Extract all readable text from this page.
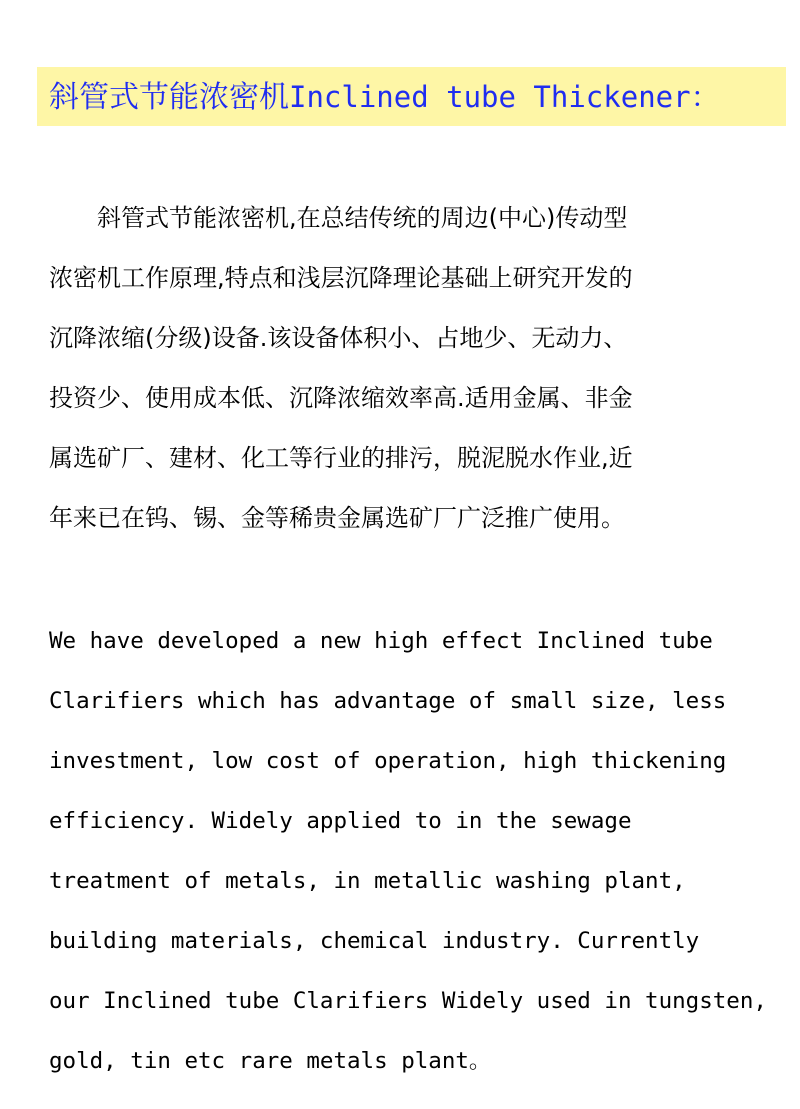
斜管式节能浓密机Inclined tube Thickener：
　　斜管式节能浓密机,在总结传统的周边(中心)传动型
浓密机工作原理,特点和浅层沉降理论基础上研究开发的
沉降浓缩(分级)设备.该设备体积小、占地少、无动力、
投资少、使用成本低、沉降浓缩效率高.适用金属、非金
属选矿厂、建材、化工等行业的排污，脱泥脱水作业,近
年来已在钨、锡、金等稀贵金属选矿厂广泛推广使用。
We have developed a new high effect Inclined tube
Clarifiers which has advantage of small size, less
investment, low cost of operation, high thickening
efficiency. Widely applied to in the sewage
treatment of metals, in metallic washing plant,
building materials, chemical industry. Currently
our Inclined tube Clarifiers Widely used in tungsten,
gold, tin etc rare metals plant。
